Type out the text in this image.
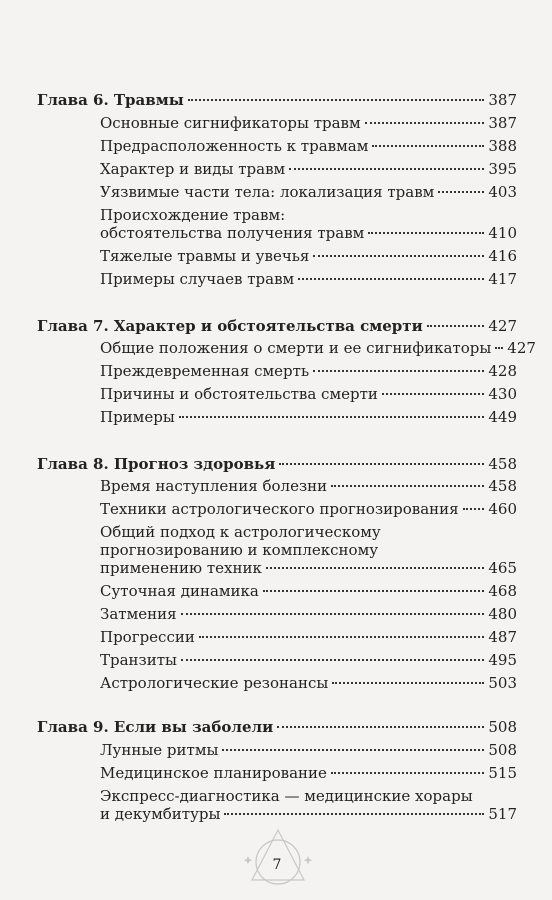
Глава 6. Травмы	387
Основные сигнификаторы травм	387
Предрасположенность к травмам	388
Характер и виды травм	395
Уязвимые части тела: локализация травм	403
Происхождение травм:
обстоятельства получения травм	410
Тяжелые травмы и увечья	416
Примеры случаев травм	417
Глава 7. Характер и обстоятельства смерти	427
Общие положения о смерти и ее сигнификаторы 427
Преждевременная смерть	428
Причины и обстоятельства смерти	430
Примеры	449
Глава 8. Прогноз здоровья	458
Время наступления болезни	458
Техники астрологического прогнозирования 460
Общий подход к астрологическому
прогнозированию и комплексному
применению техник	465
Суточная динамика	468
Затмения	480
Прогрессии	487
Транзиты	495
Астрологические резонансы	503
Глава 9. Если вы заболели	508
Лунные ритмы	508
Медицинское планирование	515
Экспресс-диагностика — медицинские хорары
и декумбитуры	517
7
